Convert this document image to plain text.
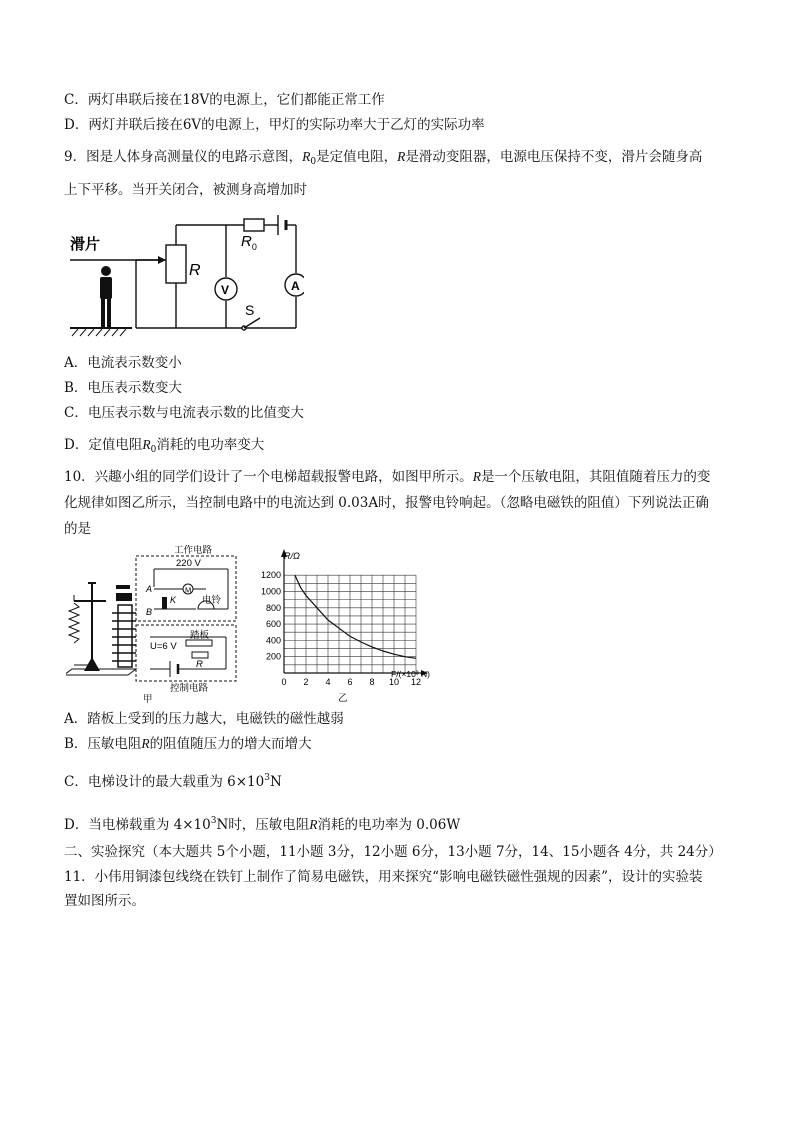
C．两灯串联后接在18V的电源上，它们都能正常工作
D．两灯并联后接在6V的电源上，甲灯的实际功率大于乙灯的实际功率
9．图是人体身高测量仪的电路示意图，$R_0$是定值电阻，R是滑动变阻器，电源电压保持不变，滑片会随身高
上下平移。当开关闭合，被测身高增加时
滑片
R
$R_0$
V	A
S
A．电流表示数变小
B．电压表示数变大
C．电压表示数与电流表示数的比值变大
D．定值电阻$R_0$消耗的电功率变大
10．兴趣小组的同学们设计了一个电梯超载报警电路，如图甲所示。R是一个压敏电阻，其阻值随着压力的变
化规律如图乙所示，当控制电路中的电流达到 0.03A时，报警电铃响起。（忽略电磁铁的阻值）下列说法正确
的是
工作电路
220 V
M
电铃
A
B
K
U=6 V
踏板
R
控制电路
甲
0 2 4 6 8 10 12
200
400
600
800
1000
1200
R/Ω
F/(×10³ N)
乙
A．踏板上受到的压力越大，电磁铁的磁性越弱
B．压敏电阻R的阻值随压力的增大而增大
C．电梯设计的最大载重为 $6\times 10^3N$
D．当电梯载重为 $4\times 10^3N$时，压敏电阻R消耗的电功率为 0.06W
二、实验探究（本大题共 5个小题，11小题 3分，12小题 6分，13小题 7分，14、15小题各 4分，共 24分）
11．小伟用铜漆包线绕在铁钉上制作了简易电磁铁，用来探究“影响电磁铁磁性强规的因素”，设计的实验装
置如图所示。
